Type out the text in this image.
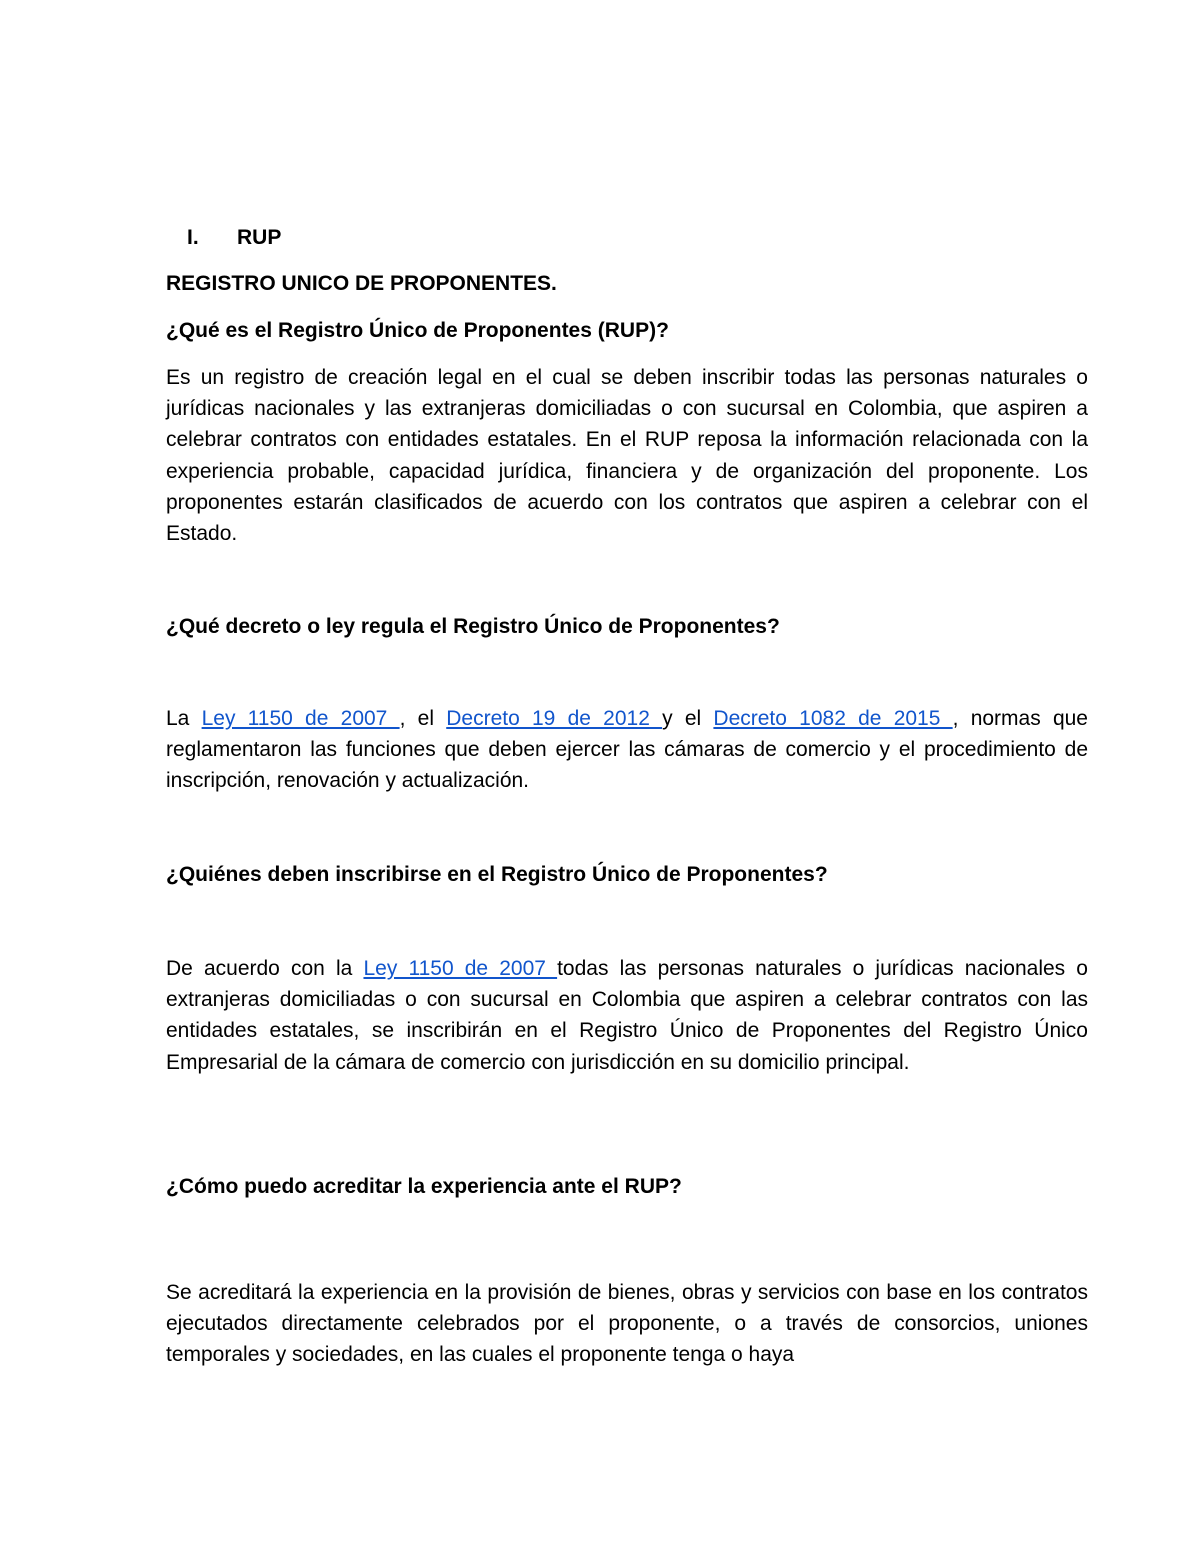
I. RUP
REGISTRO UNICO DE PROPONENTES.
¿Qué es el Registro Único de Proponentes (RUP)?
Es un registro de creación legal en el cual se deben inscribir todas las personas naturales o jurídicas nacionales y las extranjeras domiciliadas o con sucursal en Colombia, que aspiren a celebrar contratos con entidades estatales. En el RUP reposa la información relacionada con la experiencia probable, capacidad jurídica, financiera y de organización del proponente. Los proponentes estarán clasificados de acuerdo con los contratos que aspiren a celebrar con el Estado.
¿Qué decreto o ley regula el Registro Único de Proponentes?
La Ley 1150 de 2007 , el Decreto 19 de 2012 y el Decreto 1082 de 2015 , normas que reglamentaron las funciones que deben ejercer las cámaras de comercio y el procedimiento de inscripción, renovación y actualización.
¿Quiénes deben inscribirse en el Registro Único de Proponentes?
De acuerdo con la Ley 1150 de 2007 todas las personas naturales o jurídicas nacionales o extranjeras domiciliadas o con sucursal en Colombia que aspiren a celebrar contratos con las entidades estatales, se inscribirán en el Registro Único de Proponentes del Registro Único Empresarial de la cámara de comercio con jurisdicción en su domicilio principal.
¿Cómo puedo acreditar la experiencia ante el RUP?
Se acreditará la experiencia en la provisión de bienes, obras y servicios con base en los contratos ejecutados directamente celebrados por el proponente, o a través de consorcios, uniones temporales y sociedades, en las cuales el proponente tenga o haya
